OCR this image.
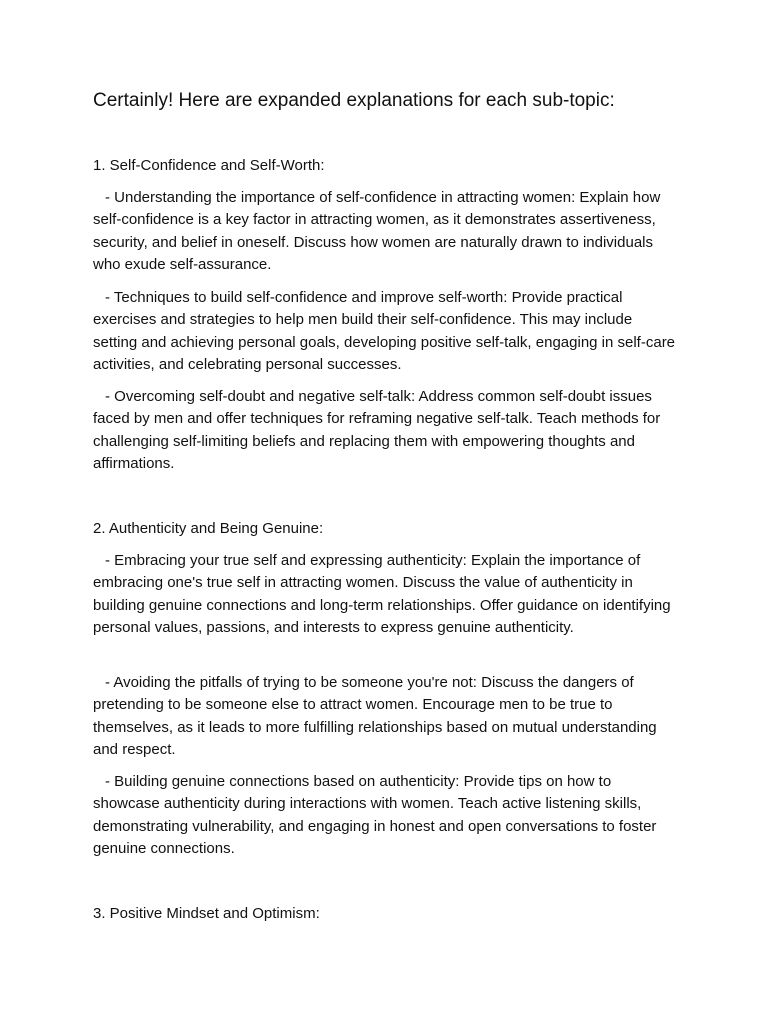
Certainly! Here are expanded explanations for each sub-topic:
1. Self-Confidence and Self-Worth:

- Understanding the importance of self-confidence in attracting women: Explain how self-confidence is a key factor in attracting women, as it demonstrates assertiveness, security, and belief in oneself. Discuss how women are naturally drawn to individuals who exude self-assurance.

- Techniques to build self-confidence and improve self-worth: Provide practical exercises and strategies to help men build their self-confidence. This may include setting and achieving personal goals, developing positive self-talk, engaging in self-care activities, and celebrating personal successes.

- Overcoming self-doubt and negative self-talk: Address common self-doubt issues faced by men and offer techniques for reframing negative self-talk. Teach methods for challenging self-limiting beliefs and replacing them with empowering thoughts and affirmations.

2. Authenticity and Being Genuine:

- Embracing your true self and expressing authenticity: Explain the importance of embracing one's true self in attracting women. Discuss the value of authenticity in building genuine connections and long-term relationships. Offer guidance on identifying personal values, passions, and interests to express genuine authenticity.

- Avoiding the pitfalls of trying to be someone you're not: Discuss the dangers of pretending to be someone else to attract women. Encourage men to be true to themselves, as it leads to more fulfilling relationships based on mutual understanding and respect.

- Building genuine connections based on authenticity: Provide tips on how to showcase authenticity during interactions with women. Teach active listening skills, demonstrating vulnerability, and engaging in honest and open conversations to foster genuine connections.

3. Positive Mindset and Optimism:
